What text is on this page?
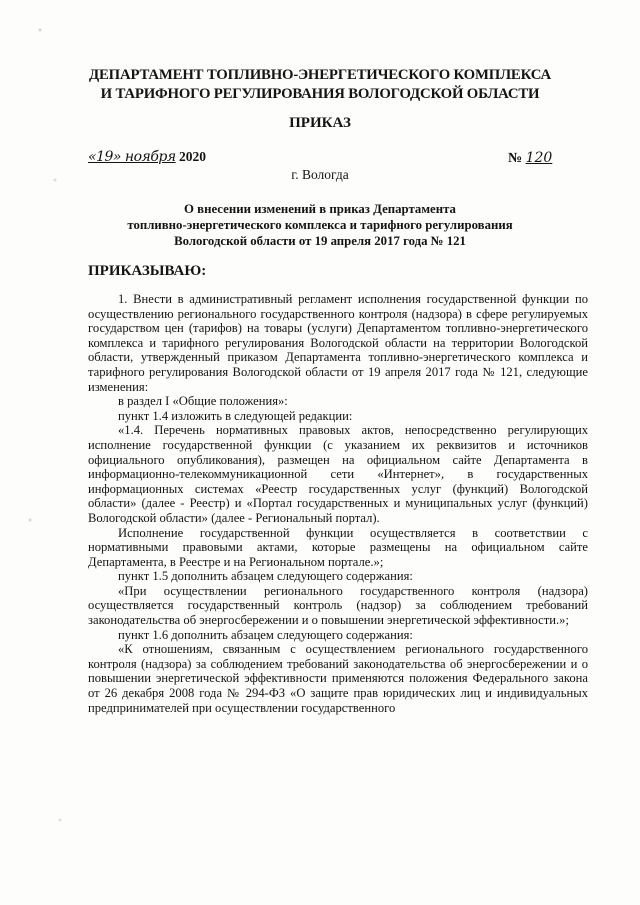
ДЕПАРТАМЕНТ ТОПЛИВНО-ЭНЕРГЕТИЧЕСКОГО КОМПЛЕКСА
И ТАРИФНОГО РЕГУЛИРОВАНИЯ ВОЛОГОДСКОЙ ОБЛАСТИ
ПРИКАЗ
«19» ноября 2020	№ 120
г. Вологда
О внесении изменений в приказ Департамента
топливно-энергетического комплекса и тарифного регулирования
Вологодской области от 19 апреля 2017 года № 121
ПРИКАЗЫВАЮ:

1. Внести в административный регламент исполнения государственной функции по осуществлению регионального государственного контроля (надзора) в сфере регулируемых государством цен (тарифов) на товары (услуги) Департаментом топливно-энергетического комплекса и тарифного регулирования Вологодской области на территории Вологодской области, утвержденный приказом Департамента топливно-энергетического комплекса и тарифного регулирования Вологодской области от 19 апреля 2017 года № 121, следующие изменения:

в раздел I «Общие положения»:

пункт 1.4 изложить в следующей редакции:

«1.4. Перечень нормативных правовых актов, непосредственно регулирующих исполнение государственной функции (с указанием их реквизитов и источников официального опубликования), размещен на официальном сайте Департамента в информационно-телекоммуникационной сети «Интернет», в государственных информационных системах «Реестр государственных услуг (функций) Вологодской области» (далее - Реестр) и «Портал государственных и муниципальных услуг (функций) Вологодской области» (далее - Региональный портал).

Исполнение государственной функции осуществляется в соответствии с нормативными правовыми актами, которые размещены на официальном сайте Департамента, в Реестре и на Региональном портале.»;

пункт 1.5 дополнить абзацем следующего содержания:

«При осуществлении регионального государственного контроля (надзора) осуществляется государственный контроль (надзор) за соблюдением требований законодательства об энергосбережении и о повышении энергетической эффективности.»;

пункт 1.6 дополнить абзацем следующего содержания:

«К отношениям, связанным с осуществлением регионального государственного контроля (надзора) за соблюдением требований законодательства об энергосбережении и о повышении энергетической эффективности применяются положения Федерального закона от 26 декабря 2008 года № 294-ФЗ «О защите прав юридических лиц и индивидуальных предпринимателей при осуществлении государственного
